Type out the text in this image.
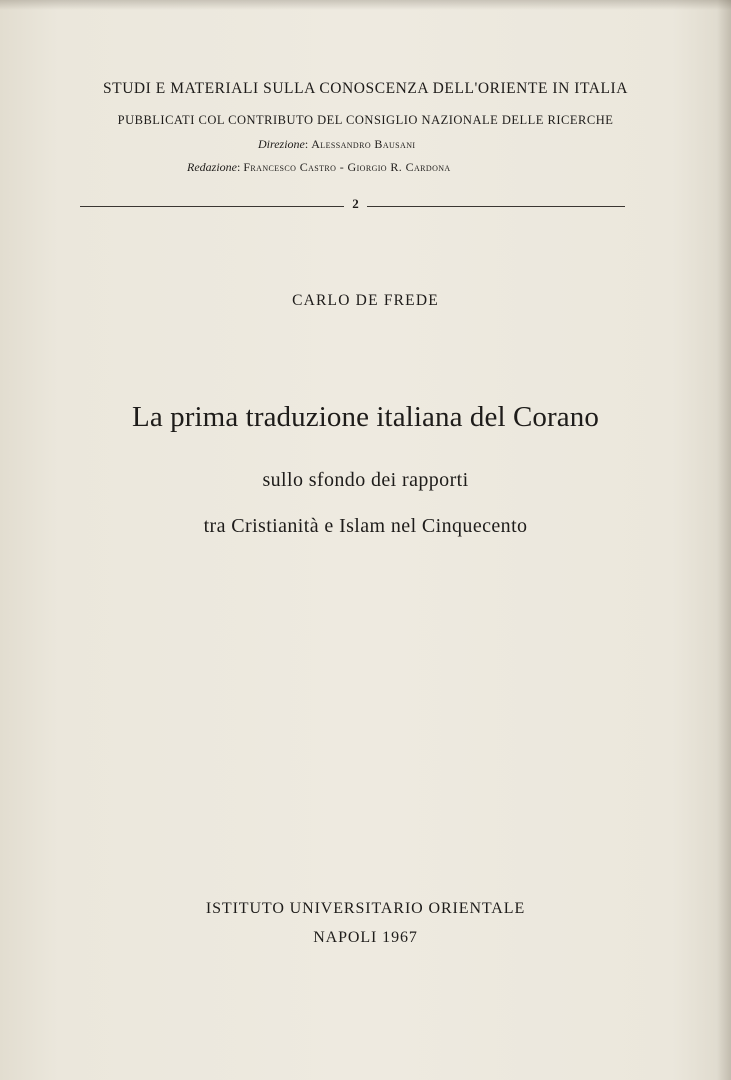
STUDI E MATERIALI SULLA CONOSCENZA DELL'ORIENTE IN ITALIA
PUBBLICATI COL CONTRIBUTO DEL CONSIGLIO NAZIONALE DELLE RICERCHE
Direzione: Alessandro Bausani
Redazione: Francesco Castro - Giorgio R. Cardona
2
CARLO DE FREDE
La prima traduzione italiana del Corano
sullo sfondo dei rapporti
tra Cristianità e Islam nel Cinquecento
ISTITUTO UNIVERSITARIO ORIENTALE
NAPOLI 1967
